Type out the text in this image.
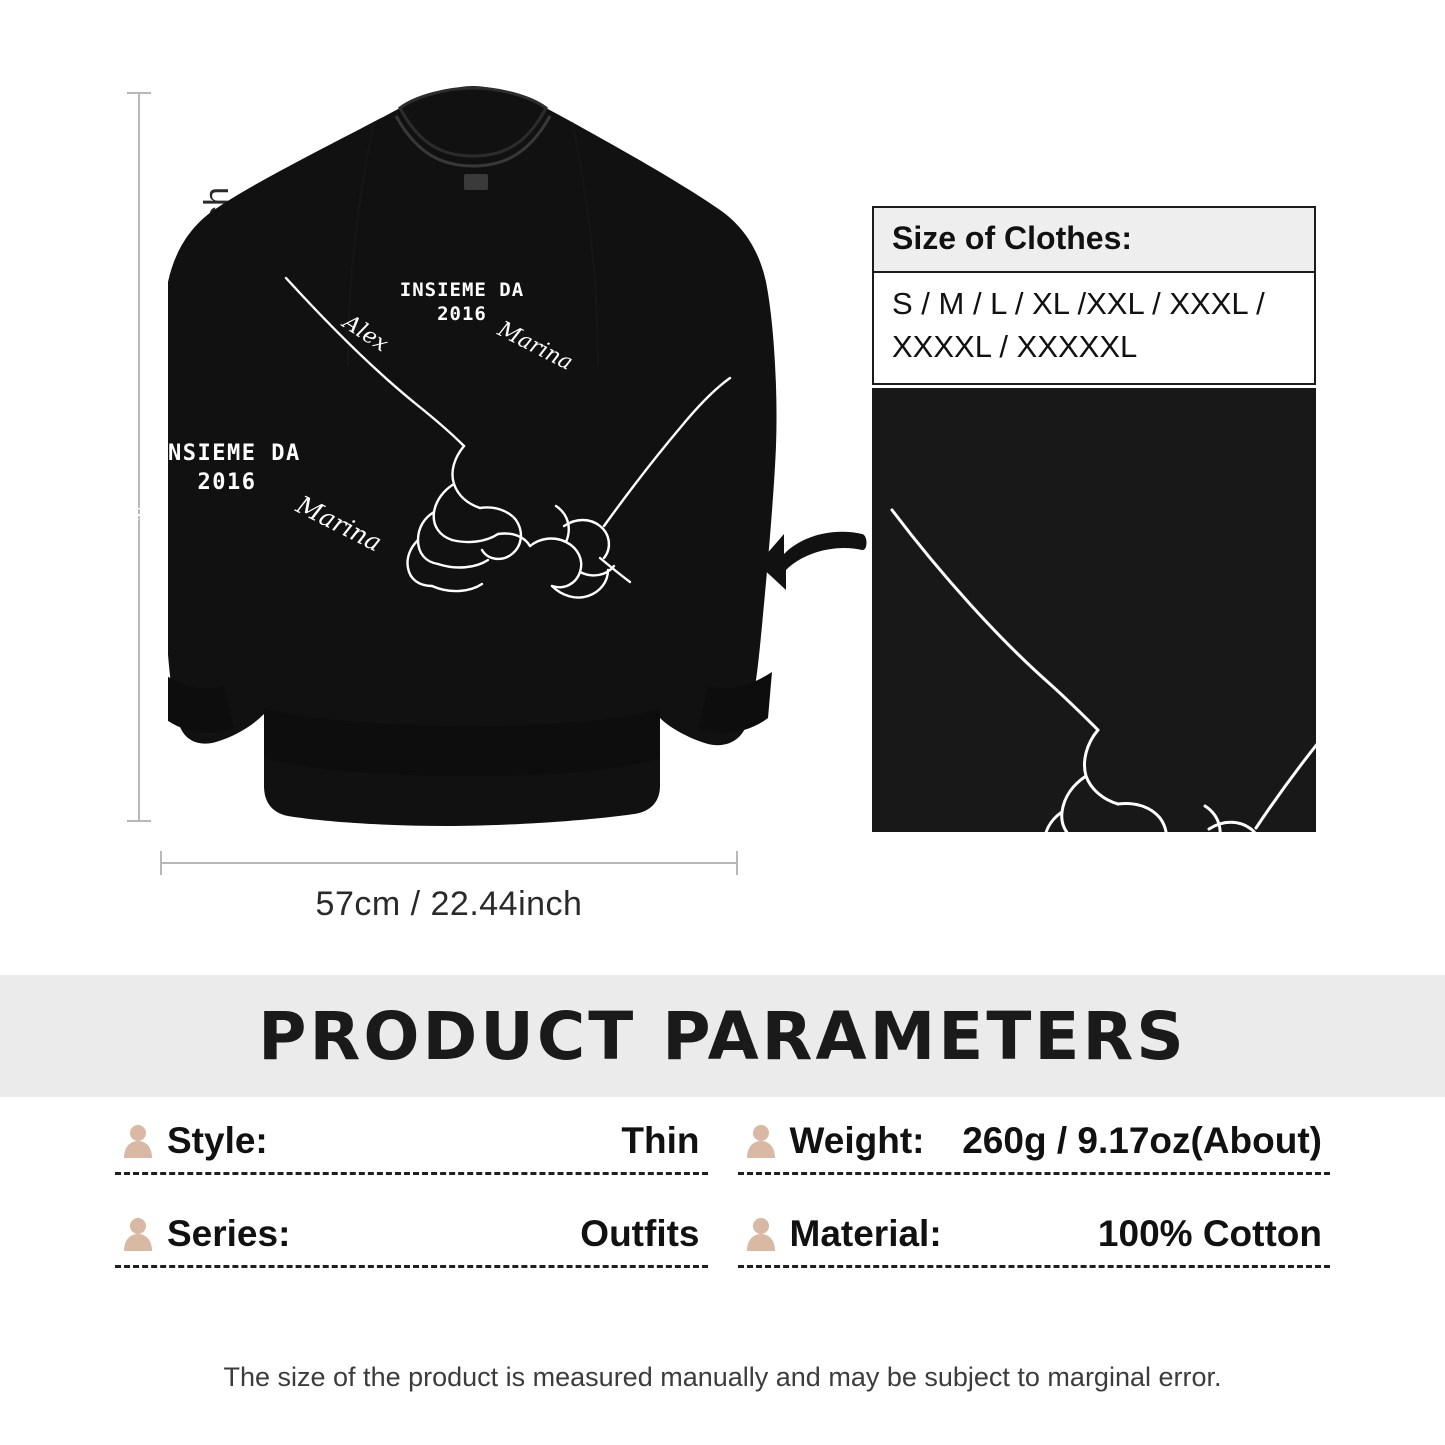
INSIEME DA
2016
Alex	Marina
57cm / 22.44inch
Size of Clothes:
S / M / L / XL /XXL / XXXL / XXXXL / XXXXXL
INSIEME DA
2016
Alex	Marina
PRODUCT PARAMETERS
Style:	Thin Weight: 260g / 9.17oz(About)
Series:	Outfits Material:	100% Cotton
The size of the product is measured manually and may be subject to marginal error.
